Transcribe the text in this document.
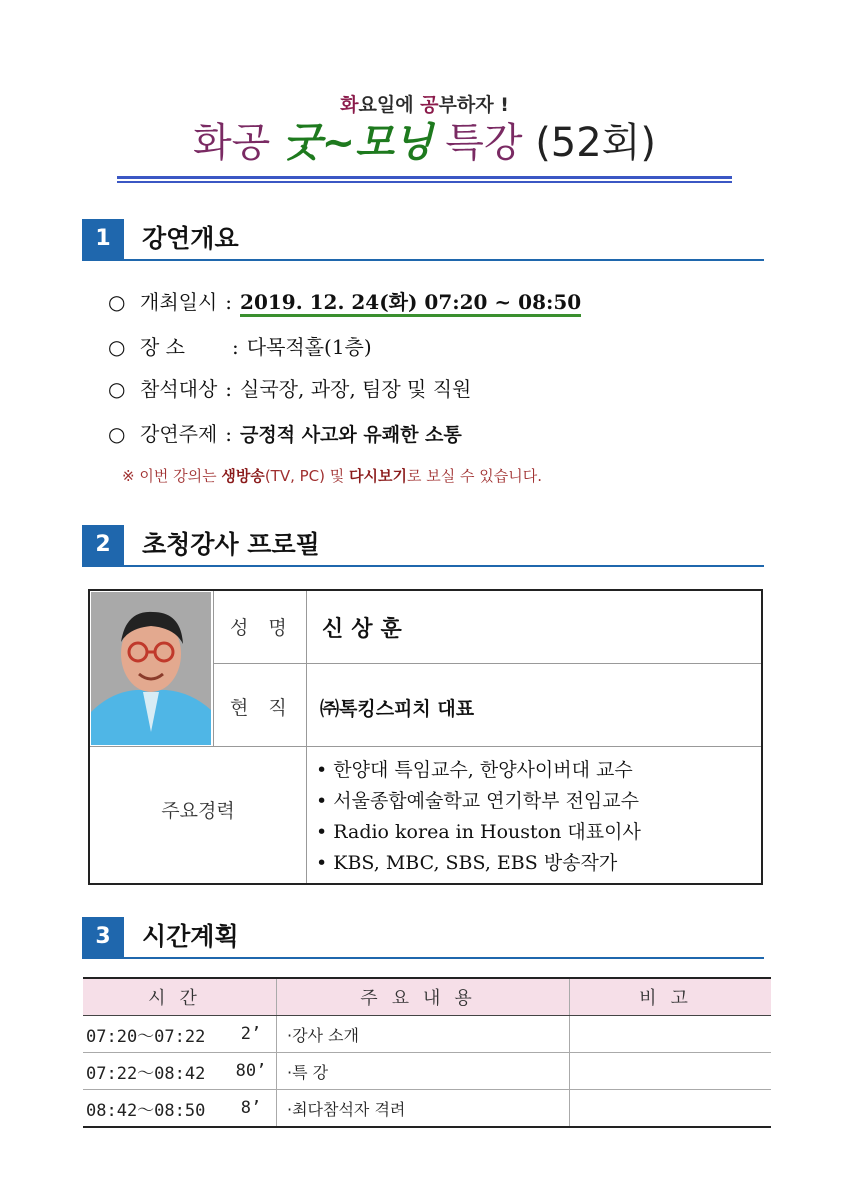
화요일에 공부하자 !
화공 굿~모닝 특강 (52회)
1	강연개요
○ 개최일시 : 2019. 12. 24(화) 07:20 ~ 08:50
○ 장 소 : 다목적홀(1층)
○ 참석대상 : 실국장, 과장, 팀장 및 직원
○ 강연주제 : 긍정적 사고와 유쾌한 소통
※ 이번 강의는 생방송(TV, PC) 및 다시보기로 보실 수 있습니다.
2	초청강사 프로필
성명 신상훈
현직 ㈜톡킹스피치 대표
주요경력
• 한양대 특임교수, 한양사이버대 교수
• 서울종합예술학교 연기학부 전임교수
• Radio korea in Houston 대표이사
• KBS, MBC, SBS, EBS 방송작가
3	시간계획
시간		주요내용	비고
07:20～07:22	2’	·강사 소개	
07:22～08:42	80’	·특 강	
08:42～08:50	8’	·최다참석자 격려	
